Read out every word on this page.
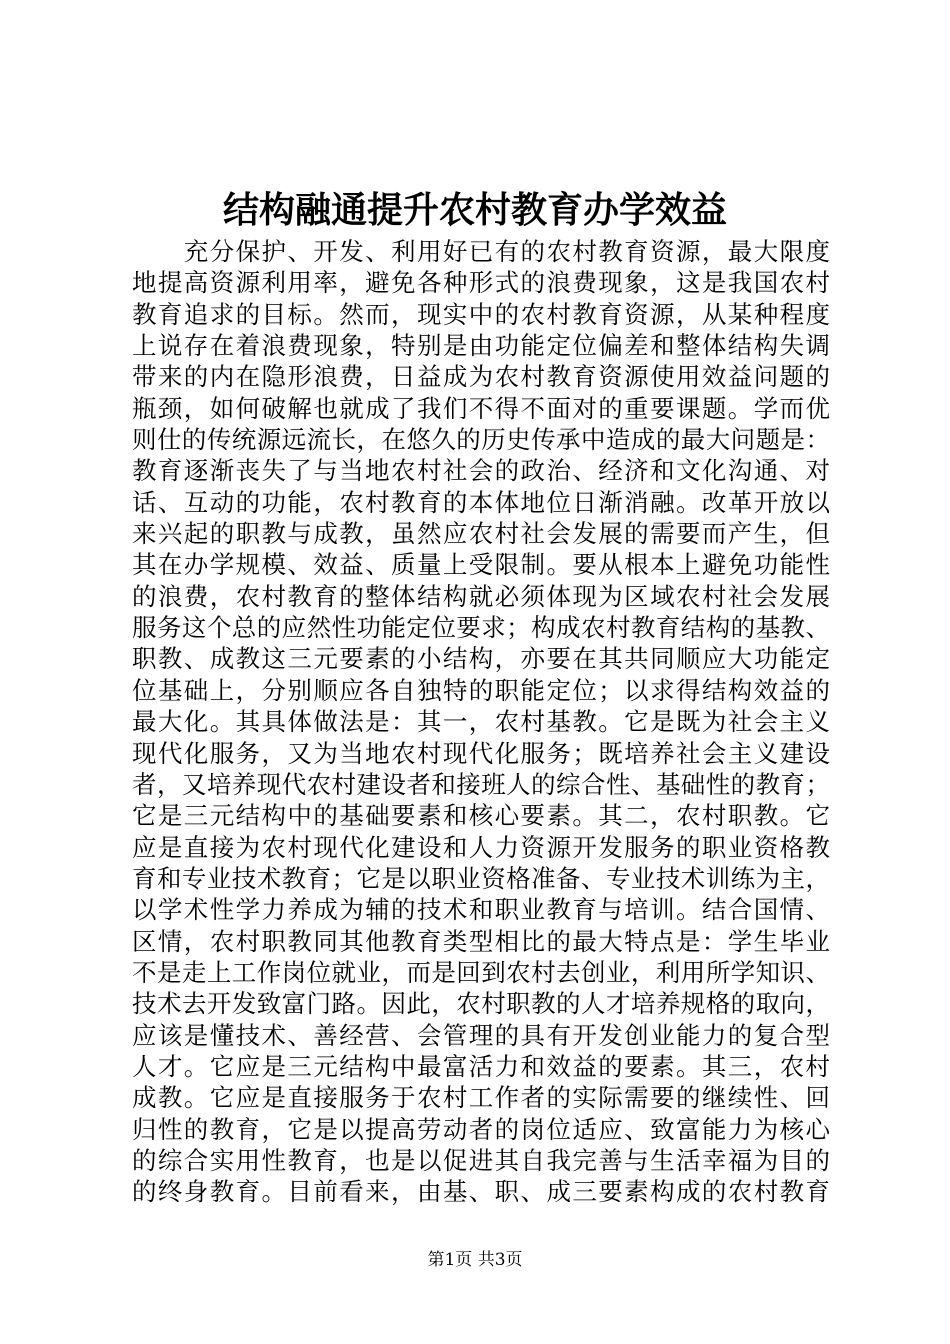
结构融通提升农村教育办学效益
　　充分保护、开发、利用好已有的农村教育资源，最大限度
地提高资源利用率，避免各种形式的浪费现象，这是我国农村
教育追求的目标。然而，现实中的农村教育资源，从某种程度
上说存在着浪费现象，特别是由功能定位偏差和整体结构失调
带来的内在隐形浪费，日益成为农村教育资源使用效益问题的
瓶颈，如何破解也就成了我们不得不面对的重要课题。学而优
则仕的传统源远流长，在悠久的历史传承中造成的最大问题是：
教育逐渐丧失了与当地农村社会的政治、经济和文化沟通、对
话、互动的功能，农村教育的本体地位日渐消融。改革开放以
来兴起的职教与成教，虽然应农村社会发展的需要而产生，但
其在办学规模、效益、质量上受限制。要从根本上避免功能性
的浪费，农村教育的整体结构就必须体现为区域农村社会发展
服务这个总的应然性功能定位要求；构成农村教育结构的基教、
职教、成教这三元要素的小结构，亦要在其共同顺应大功能定
位基础上，分别顺应各自独特的职能定位；以求得结构效益的
最大化。其具体做法是：其一，农村基教。它是既为社会主义
现代化服务，又为当地农村现代化服务；既培养社会主义建设
者，又培养现代农村建设者和接班人的综合性、基础性的教育；
它是三元结构中的基础要素和核心要素。其二，农村职教。它
应是直接为农村现代化建设和人力资源开发服务的职业资格教
育和专业技术教育；它是以职业资格准备、专业技术训练为主，
以学术性学力养成为辅的技术和职业教育与培训。结合国情、
区情，农村职教同其他教育类型相比的最大特点是：学生毕业
不是走上工作岗位就业，而是回到农村去创业，利用所学知识、
技术去开发致富门路。因此，农村职教的人才培养规格的取向，
应该是懂技术、善经营、会管理的具有开发创业能力的复合型
人才。它应是三元结构中最富活力和效益的要素。其三，农村
成教。它应是直接服务于农村工作者的实际需要的继续性、回
归性的教育，它是以提高劳动者的岗位适应、致富能力为核心
的综合实用性教育，也是以促进其自我完善与生活幸福为目的
的终身教育。目前看来，由基、职、成三要素构成的农村教育
第1页 共3页
